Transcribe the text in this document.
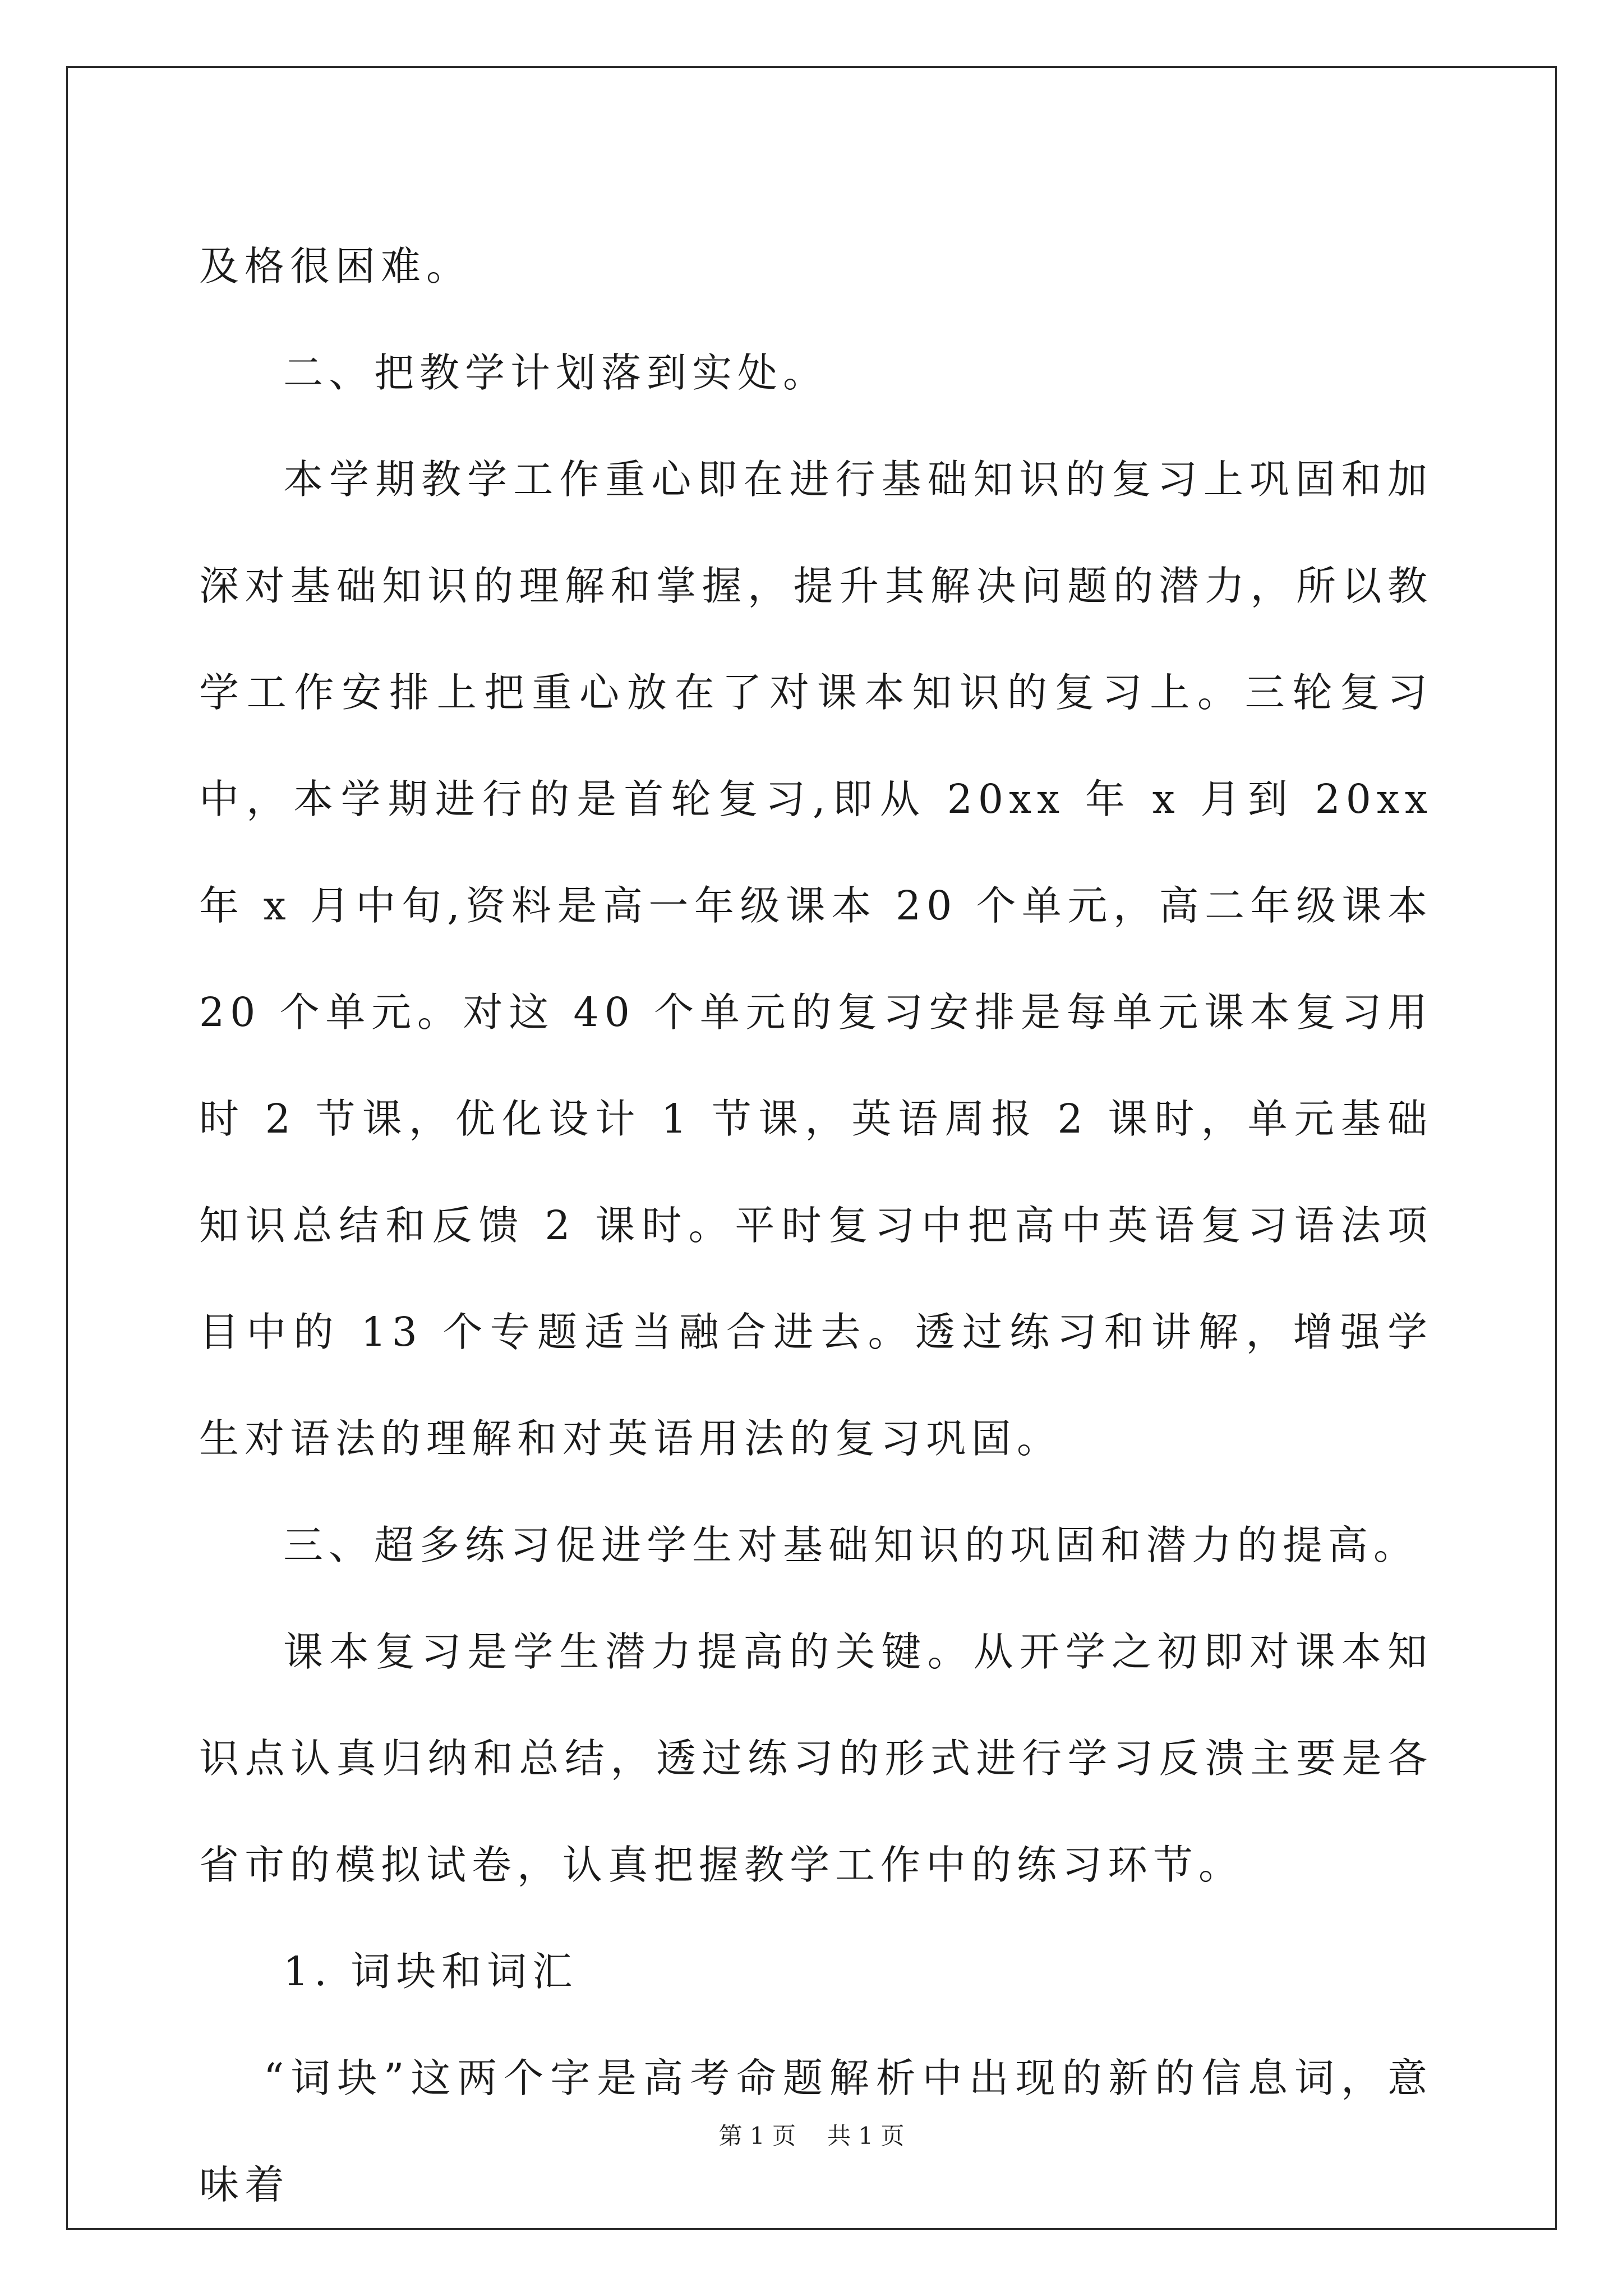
及格很困难。

二、把教学计划落到实处。

本学期教学工作重心即在进行基础知识的复习上巩固和加深对基础知识的理解和掌握，提升其解决问题的潜力，所以教学工作安排上把重心放在了对课本知识的复习上。三轮复习中，本学期进行的是首轮复习,即从 20xx 年 x 月到 20xx 年 x 月中旬,资料是高一年级课本 20 个单元，高二年级课本 20 个单元。对这 40 个单元的复习安排是每单元课本复习用时 2 节课，优化设计 1 节课，英语周报 2 课时，单元基础知识总结和反馈 2 课时。平时复习中把高中英语复习语法项目中的 13 个专题适当融合进去。透过练习和讲解，增强学生对语法的理解和对英语用法的复习巩固。

三、超多练习促进学生对基础知识的巩固和潜力的提高。

课本复习是学生潜力提高的关键。从开学之初即对课本知识点认真归纳和总结，透过练习的形式进行学习反溃主要是各省市的模拟试卷，认真把握教学工作中的练习环节。

1. 词块和词汇

“词块”这两个字是高考命题解析中出现的新的信息词，意味着

第 1 页 共 1 页
